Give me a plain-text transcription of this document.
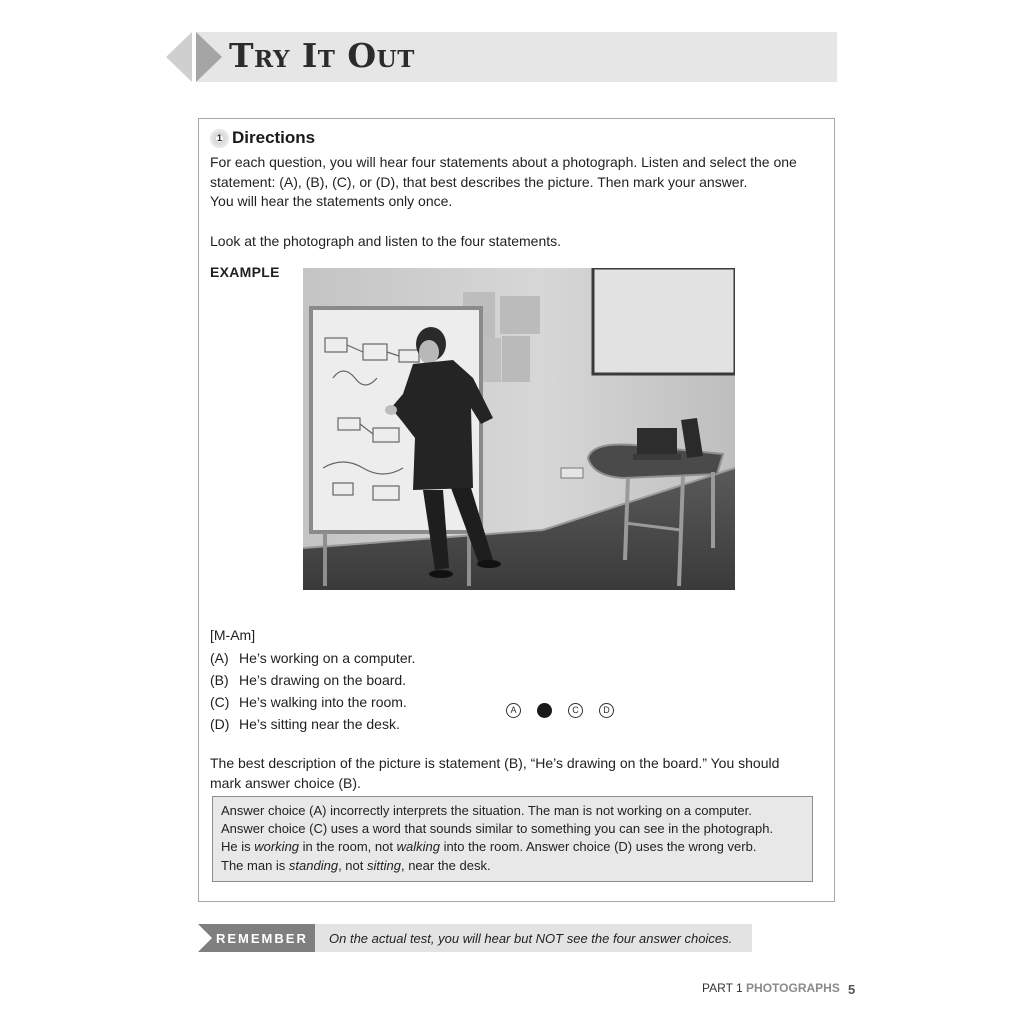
Try It Out
1 Directions
For each question, you will hear four statements about a photograph. Listen and select the one
statement: (A), (B), (C), or (D), that best describes the picture. Then mark your answer.
You will hear the statements only once.
Look at the photograph and listen to the four statements.
EXAMPLE
[M-Am]
(A) He’s working on a computer.
(B) He’s drawing on the board.
(C) He’s walking into the room.
(D) He’s sitting near the desk.
A	C	D
The best description of the picture is statement (B), “He’s drawing on the board.” You should
mark answer choice (B).
Answer choice (A) incorrectly interprets the situation. The man is not working on a computer.
Answer choice (C) uses a word that sounds similar to something you can see in the photograph.
He is working in the room, not walking into the room. Answer choice (D) uses the wrong verb.
The man is standing, not sitting, near the desk.
REMEMBER On the actual test, you will hear but NOT see the four answer choices.
PART 1 PHOTOGRAPHS 5
